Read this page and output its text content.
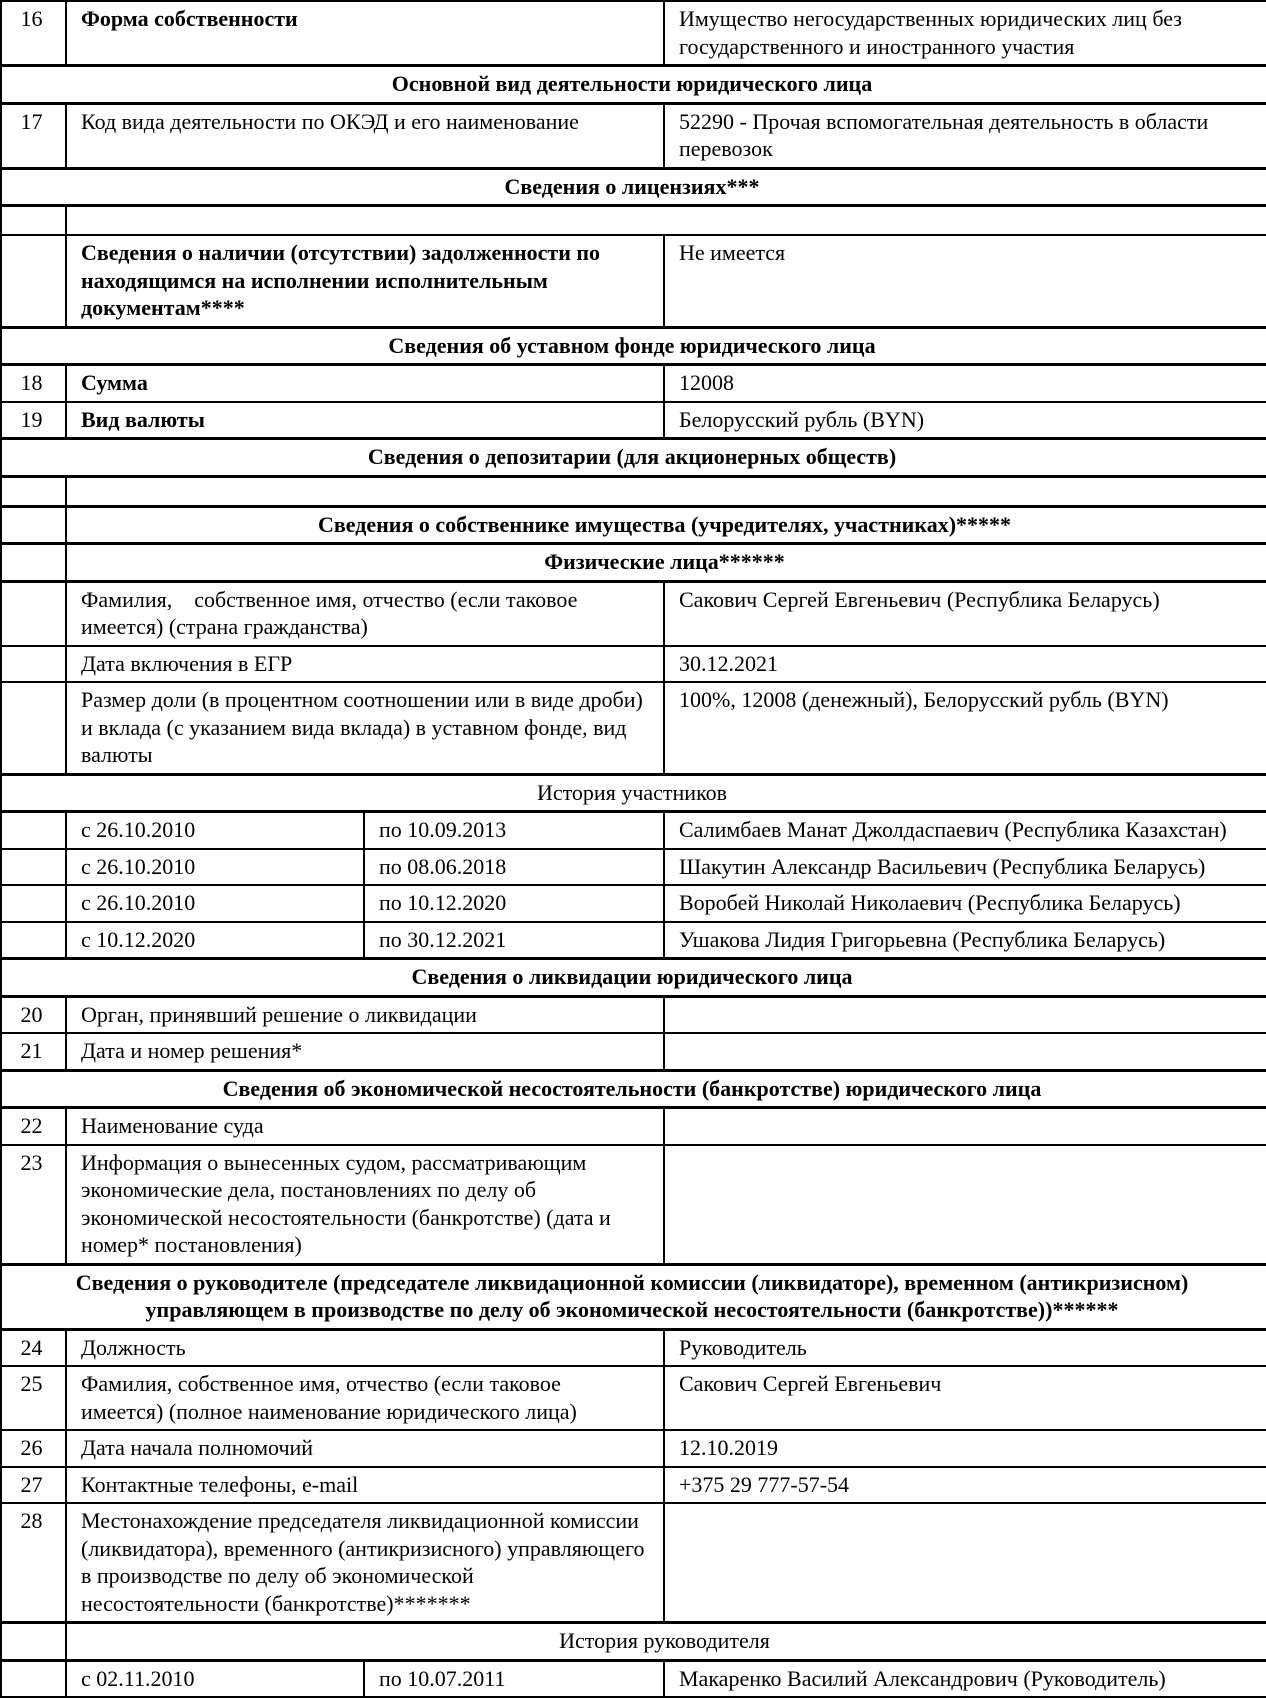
16	Форма собственности		Имущество негосударственных юридических лиц без государственного и иностранного участия
Основной вид деятельности юридического лица			
17	Код вида деятельности по ОКЭД и его наименование		52290 - Прочая вспомогательная деятельность в области перевозок
Сведения о лицензиях***			

	Сведения о наличии (отсутствии) задолженности по находящимся на исполнении исполнительным документам****		Не имеется
Сведения об уставном фонде юридического лица			
18	Сумма		12008
19	Вид валюты		Белорусский рубль (BYN)
Сведения о депозитарии (для акционерных обществ)			

	Сведения о собственнике имущества (учредителях, участниках)*****		
	Физические лица******		
	Фамилия,    собственное имя, отчество (если таковое имеется) (страна гражданства)		Сакович Сергей Евгеньевич (Республика Беларусь)
	Дата включения в ЕГР		30.12.2021
	Размер доли (в процентном соотношении или в виде дроби) и вклада (с указанием вида вклада) в уставном фонде, вид валюты		100%, 12008 (денежный), Белорусский рубль (BYN)
История участников			
	с 26.10.2010	по 10.09.2013	Салимбаев Манат Джолдаспаевич (Республика Казахстан)
	с 26.10.2010	по 08.06.2018	Шакутин Александр Васильевич (Республика Беларусь)
	с 26.10.2010	по 10.12.2020	Воробей Николай Николаевич (Республика Беларусь)
	с 10.12.2020	по 30.12.2021	Ушакова Лидия Григорьевна (Республика Беларусь)
Сведения о ликвидации юридического лица			
20	Орган, принявший решение о ликвидации		
21	Дата и номер решения*		
Сведения об экономической несостоятельности (банкротстве) юридического лица			
22	Наименование суда		
23	Информация о вынесенных судом, рассматривающим экономические дела, постановлениях по делу об экономической несостоятельности (банкротстве) (дата и номер* постановления)		
Сведения о руководителе (председателе ликвидационной комиссии (ликвидаторе), временном (антикризисном) управляющем в производстве по делу об экономической несостоятельности (банкротстве))******			
24	Должность		Руководитель
25	Фамилия, собственное имя, отчество (если таковое имеется) (полное наименование юридического лица)		Сакович Сергей Евгеньевич
26	Дата начала полномочий		12.10.2019
27	Контактные телефоны, e-mail		+375 29 777-57-54
28	Местонахождение председателя ликвидационной комиссии (ликвидатора), временного (антикризисного) управляющего в производстве по делу об экономической несостоятельности (банкротстве)*******		
	История руководителя		
	с 02.11.2010	по 10.07.2011	Макаренко Василий Александрович (Руководитель)
